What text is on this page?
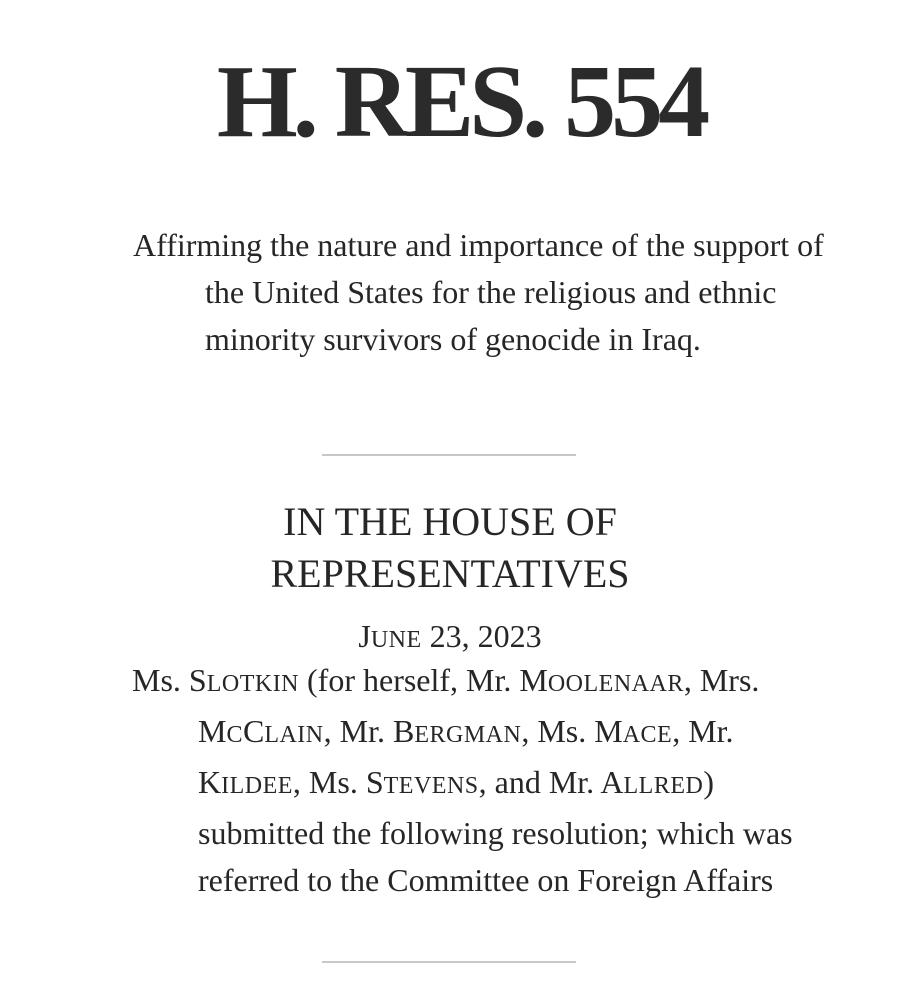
H. RES. 554

Affirming the nature and importance of the support of the United States for the religious and ethnic minority survivors of genocide in Iraq.

IN THE HOUSE OF
REPRESENTATIVES
JUNE 23, 2023

Ms. SLOTKIN (for herself, Mr. MOOLENAAR, Mrs. MCCLAIN, Mr. BERGMAN, Ms. MACE, Mr. KILDEE, Ms. STEVENS, and Mr. ALLRED) submitted the following resolution; which was referred to the Committee on Foreign Affairs
